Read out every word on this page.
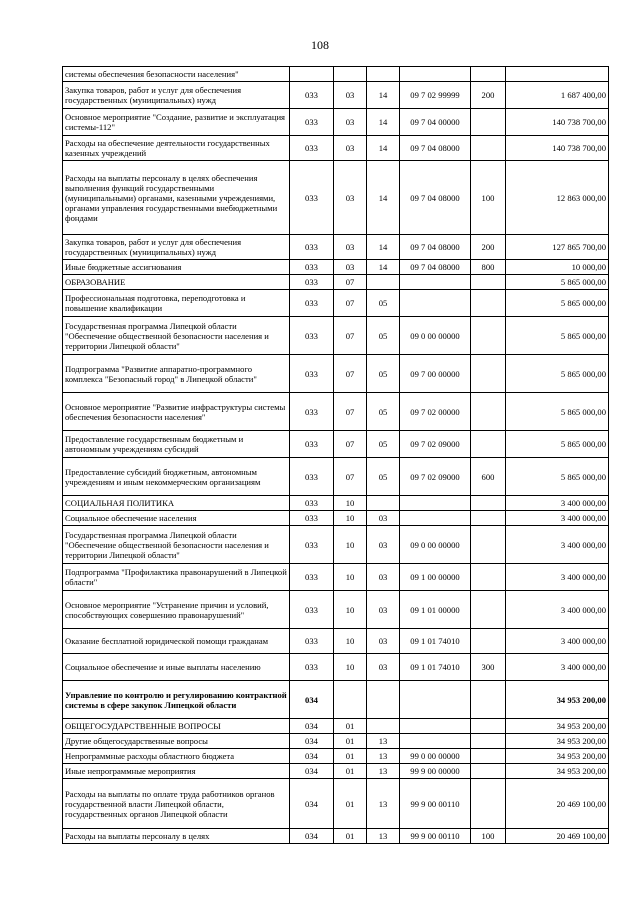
108
системы обеспечения безопасности населения"						
Закупка товаров, работ и услуг для обеспечения государственных (муниципальных) нужд	033	03	14	09 7 02 99999	200	1 687 400,00
Основное мероприятие "Создание, развитие и эксплуатация системы-112"	033	03	14	09 7 04 00000		140 738 700,00
Расходы на обеспечение деятельности государственных казенных учреждений	033	03	14	09 7 04 08000		140 738 700,00
Расходы на выплаты персоналу в целях обеспечения выполнения функций государственными (муниципальными) органами, казенными учреждениями, органами управления государственными внебюджетными фондами	033	03	14	09 7 04 08000	100	12 863 000,00
Закупка товаров, работ и услуг для обеспечения государственных (муниципальных) нужд	033	03	14	09 7 04 08000	200	127 865 700,00
Иные бюджетные ассигнования	033	03	14	09 7 04 08000	800	10 000,00
ОБРАЗОВАНИЕ	033	07				5 865 000,00
Профессиональная подготовка, переподготовка и повышение квалификации	033	07	05			5 865 000,00
Государственная программа Липецкой области "Обеспечение общественной безопасности населения и территории Липецкой области"	033	07	05	09 0 00 00000		5 865 000,00
Подпрограмма "Развитие аппаратно-программного комплекса "Безопасный город" в Липецкой области"	033	07	05	09 7 00 00000		5 865 000,00
Основное мероприятие "Развитие инфраструктуры системы обеспечения безопасности населения"	033	07	05	09 7 02 00000		5 865 000,00
Предоставление государственным бюджетным и автономным учреждениям субсидий	033	07	05	09 7 02 09000		5 865 000,00
Предоставление субсидий бюджетным, автономным учреждениям и иным некоммерческим организациям	033	07	05	09 7 02 09000	600	5 865 000,00
СОЦИАЛЬНАЯ ПОЛИТИКА	033	10				3 400 000,00
Социальное обеспечение населения	033	10	03			3 400 000,00
Государственная программа Липецкой области "Обеспечение общественной безопасности населения и территории Липецкой области"	033	10	03	09 0 00 00000		3 400 000,00
Подпрограмма "Профилактика правонарушений в Липецкой области"	033	10	03	09 1 00 00000		3 400 000,00
Основное мероприятие "Устранение причин и условий, способствующих совершению правонарушений"	033	10	03	09 1 01 00000		3 400 000,00
Оказание бесплатной юридической помощи гражданам	033	10	03	09 1 01 74010		3 400 000,00
Социальное обеспечение и иные выплаты населению	033	10	03	09 1 01 74010	300	3 400 000,00
Управление по контролю и регулированию контрактной системы в сфере закупок Липецкой области	034					34 953 200,00
ОБЩЕГОСУДАРСТВЕННЫЕ ВОПРОСЫ	034	01				34 953 200,00
Другие общегосударственные вопросы	034	01	13			34 953 200,00
Непрограммные расходы областного бюджета	034	01	13	99 0 00 00000		34 953 200,00
Иные непрограммные мероприятия	034	01	13	99 9 00 00000		34 953 200,00
Расходы на выплаты по оплате труда работников органов государственной власти Липецкой области, государственных органов Липецкой области	034	01	13	99 9 00 00110		20 469 100,00
Расходы на выплаты персоналу в целях	034	01	13	99 9 00 00110	100	20 469 100,00
